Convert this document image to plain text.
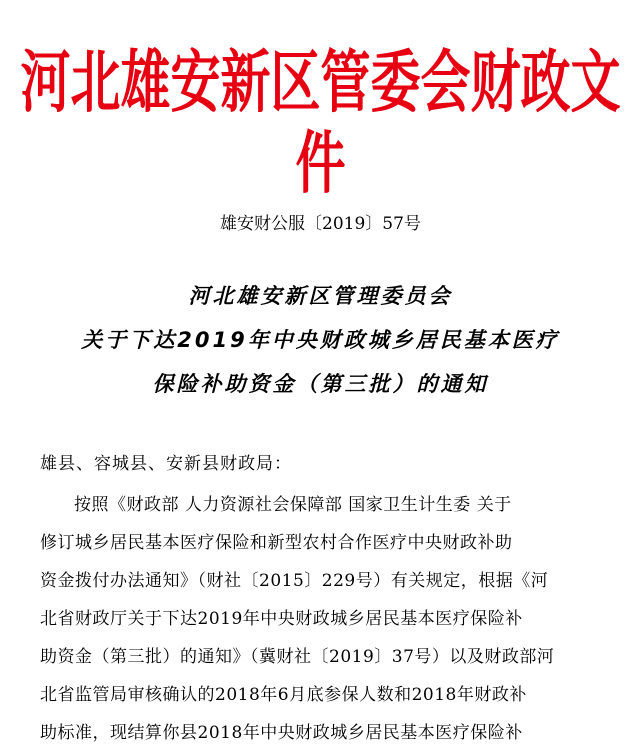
河北雄安新区管委会财政文件
雄安财公服〔2019〕57号
河北雄安新区管理委员会
关于下达2019年中央财政城乡居民基本医疗
保险补助资金（第三批）的通知
雄县、容城县、安新县财政局：
按照《财政部 人力资源社会保障部 国家卫生计生委 关于
修订城乡居民基本医疗保险和新型农村合作医疗中央财政补助
资金拨付办法通知》（财社〔2015〕229号）有关规定，根据《河
北省财政厅关于下达2019年中央财政城乡居民基本医疗保险补
助资金（第三批）的通知》（冀财社〔2019〕37号）以及财政部河
北省监管局审核确认的2018年6月底参保人数和2018年财政补
助标准，现结算你县2018年中央财政城乡居民基本医疗保险补
